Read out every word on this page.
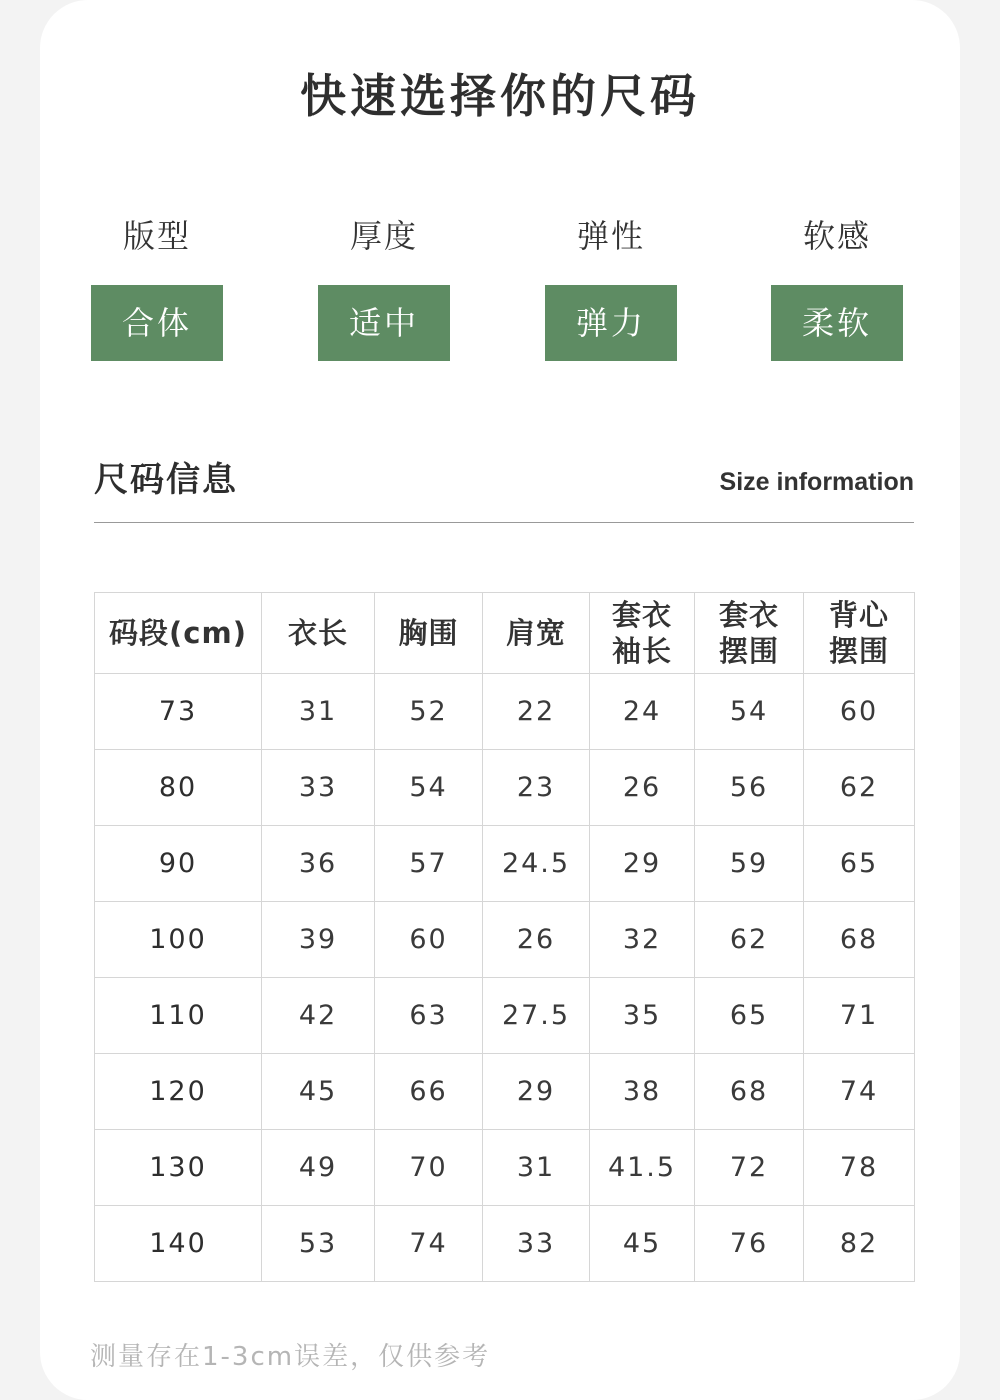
快速选择你的尺码
版型
合体
厚度
适中
弹性
弹力
软感
柔软
尺码信息	Size information
码段(cm)	衣长	胸围	肩宽	套衣袖长	套衣摆围	背心摆围
73	31	52	22	24	54	60
80	33	54	23	26	56	62
90	36	57	24.5	29	59	65
100	39	60	26	32	62	68
110	42	63	27.5	35	65	71
120	45	66	29	38	68	74
130	49	70	31	41.5	72	78
140	53	74	33	45	76	82
测量存在1-3cm误差，仅供参考
